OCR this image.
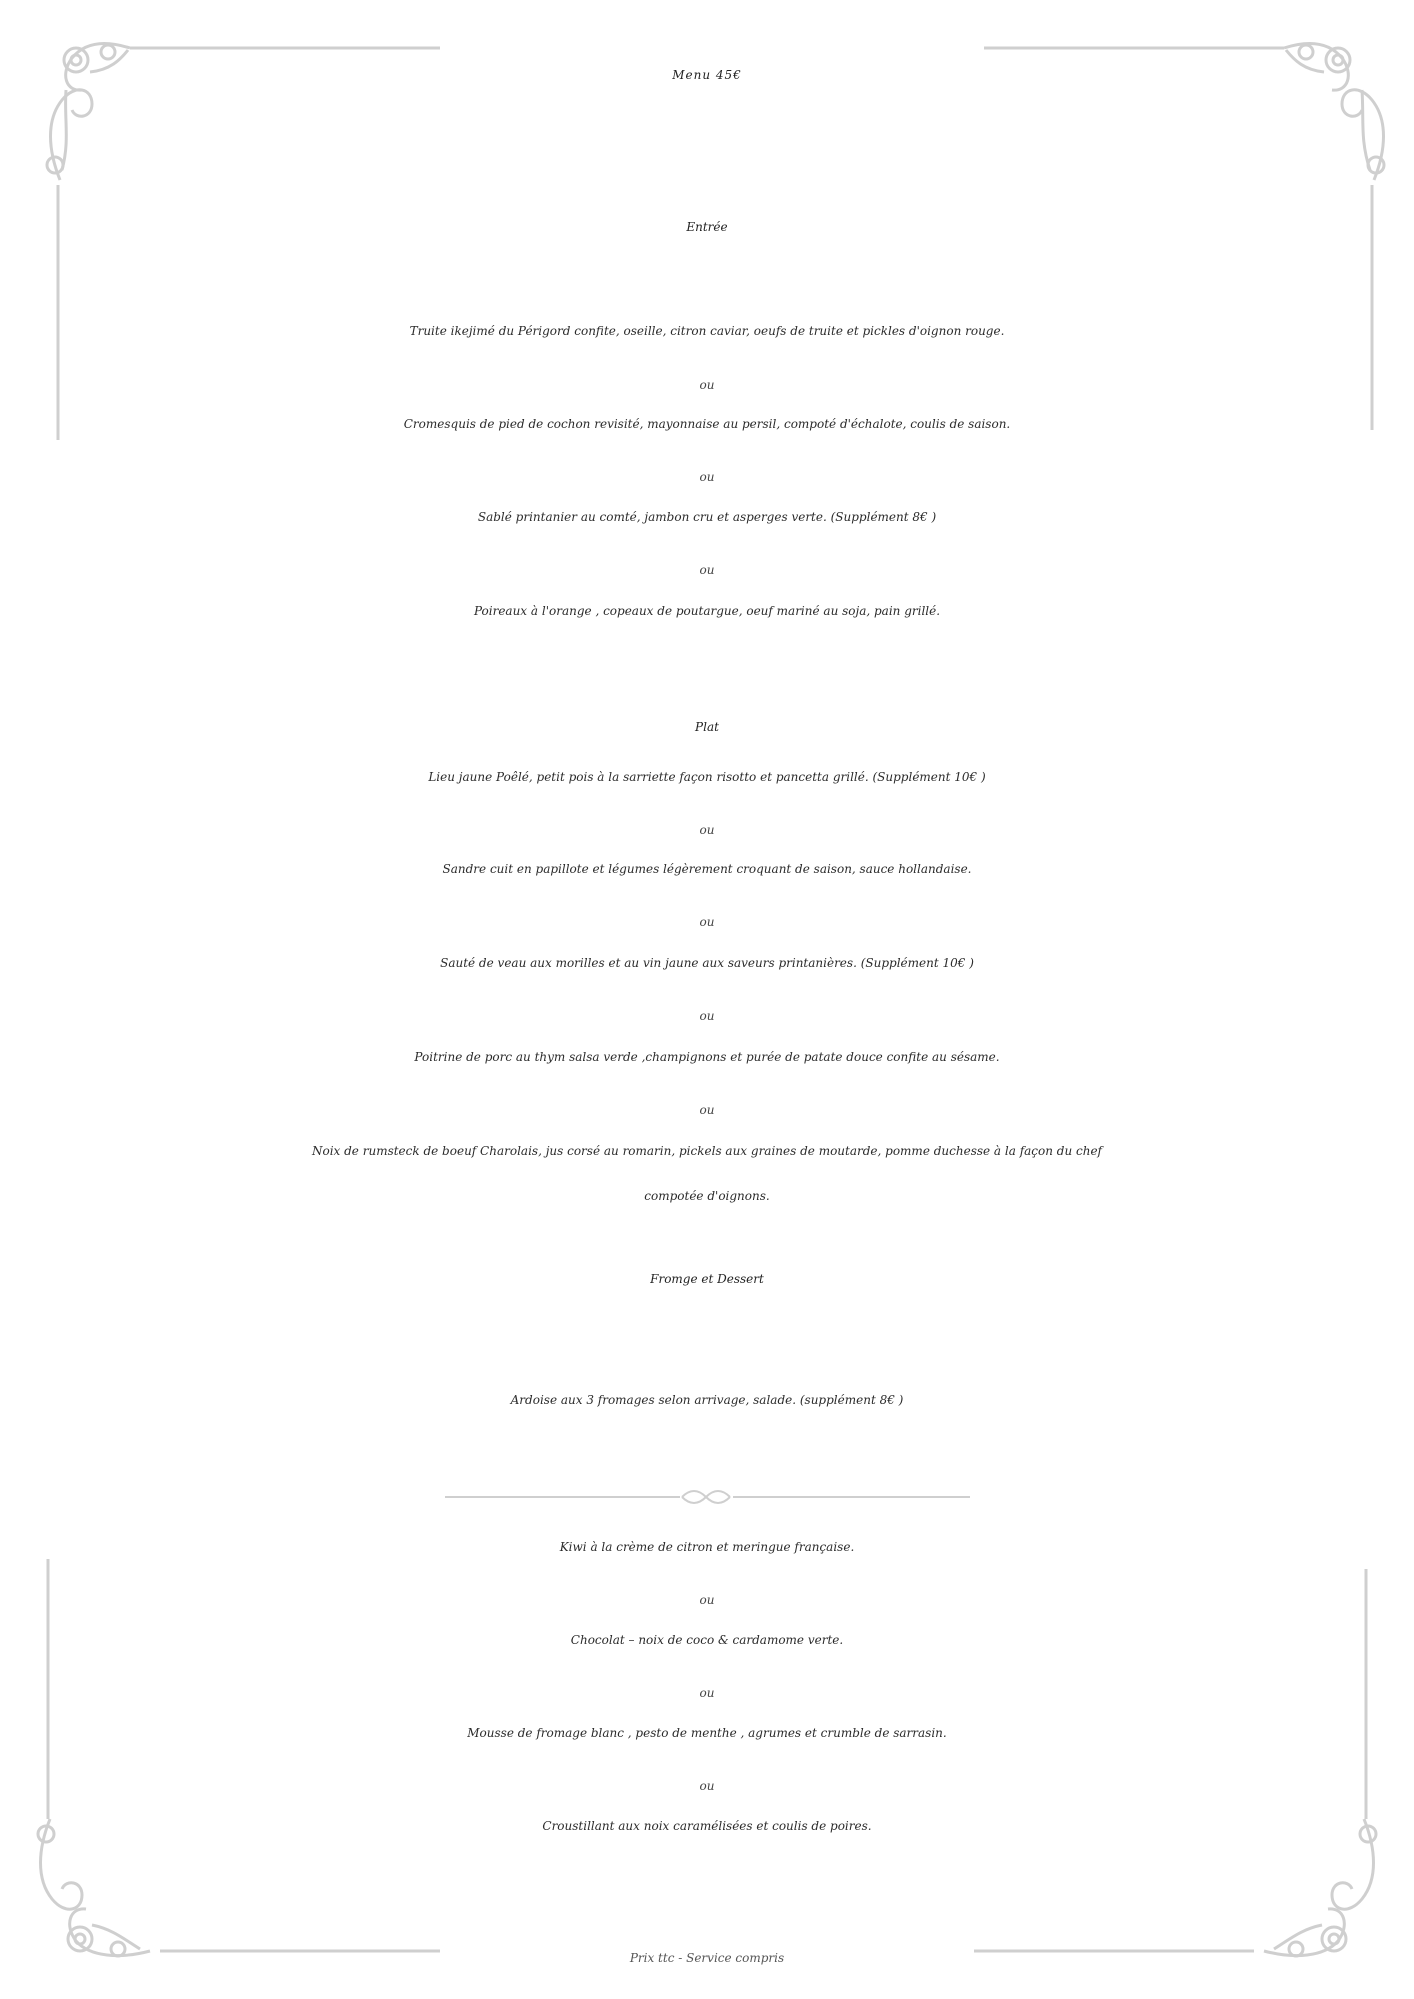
Menu 45€
Entrée
Truite ikejimé du Périgord confite, oseille, citron caviar, oeufs de truite et pickles d'oignon rouge.
ou
Cromesquis de pied de cochon revisité, mayonnaise au persil, compoté d'échalote, coulis de saison.
ou
Sablé printanier au comté, jambon cru et asperges verte. (Supplément 8€ )
ou
Poireaux à l'orange , copeaux de poutargue, oeuf mariné au soja, pain grillé.
Plat
Lieu jaune Poêlé, petit pois à la sarriette façon risotto et pancetta grillé. (Supplément 10€ )
ou
Sandre cuit en papillote et légumes légèrement croquant de saison, sauce hollandaise.
ou
Sauté de veau aux morilles et au vin jaune aux saveurs printanières. (Supplément 10€ )
ou
Poitrine de porc au thym salsa verde ,champignons et purée de patate douce confite au sésame.
ou
Noix de rumsteck de boeuf Charolais, jus corsé au romarin, pickels aux graines de moutarde, pomme duchesse à la façon du chef
compotée d'oignons.
Fromge et Dessert
Ardoise aux 3 fromages selon arrivage, salade. (supplément 8€ )
Kiwi à la crème de citron et meringue française.
ou
Chocolat – noix de coco & cardamome verte.
ou
Mousse de fromage blanc , pesto de menthe , agrumes et crumble de sarrasin.
ou
Croustillant aux noix caramélisées et coulis de poires.
Prix ttc - Service compris
